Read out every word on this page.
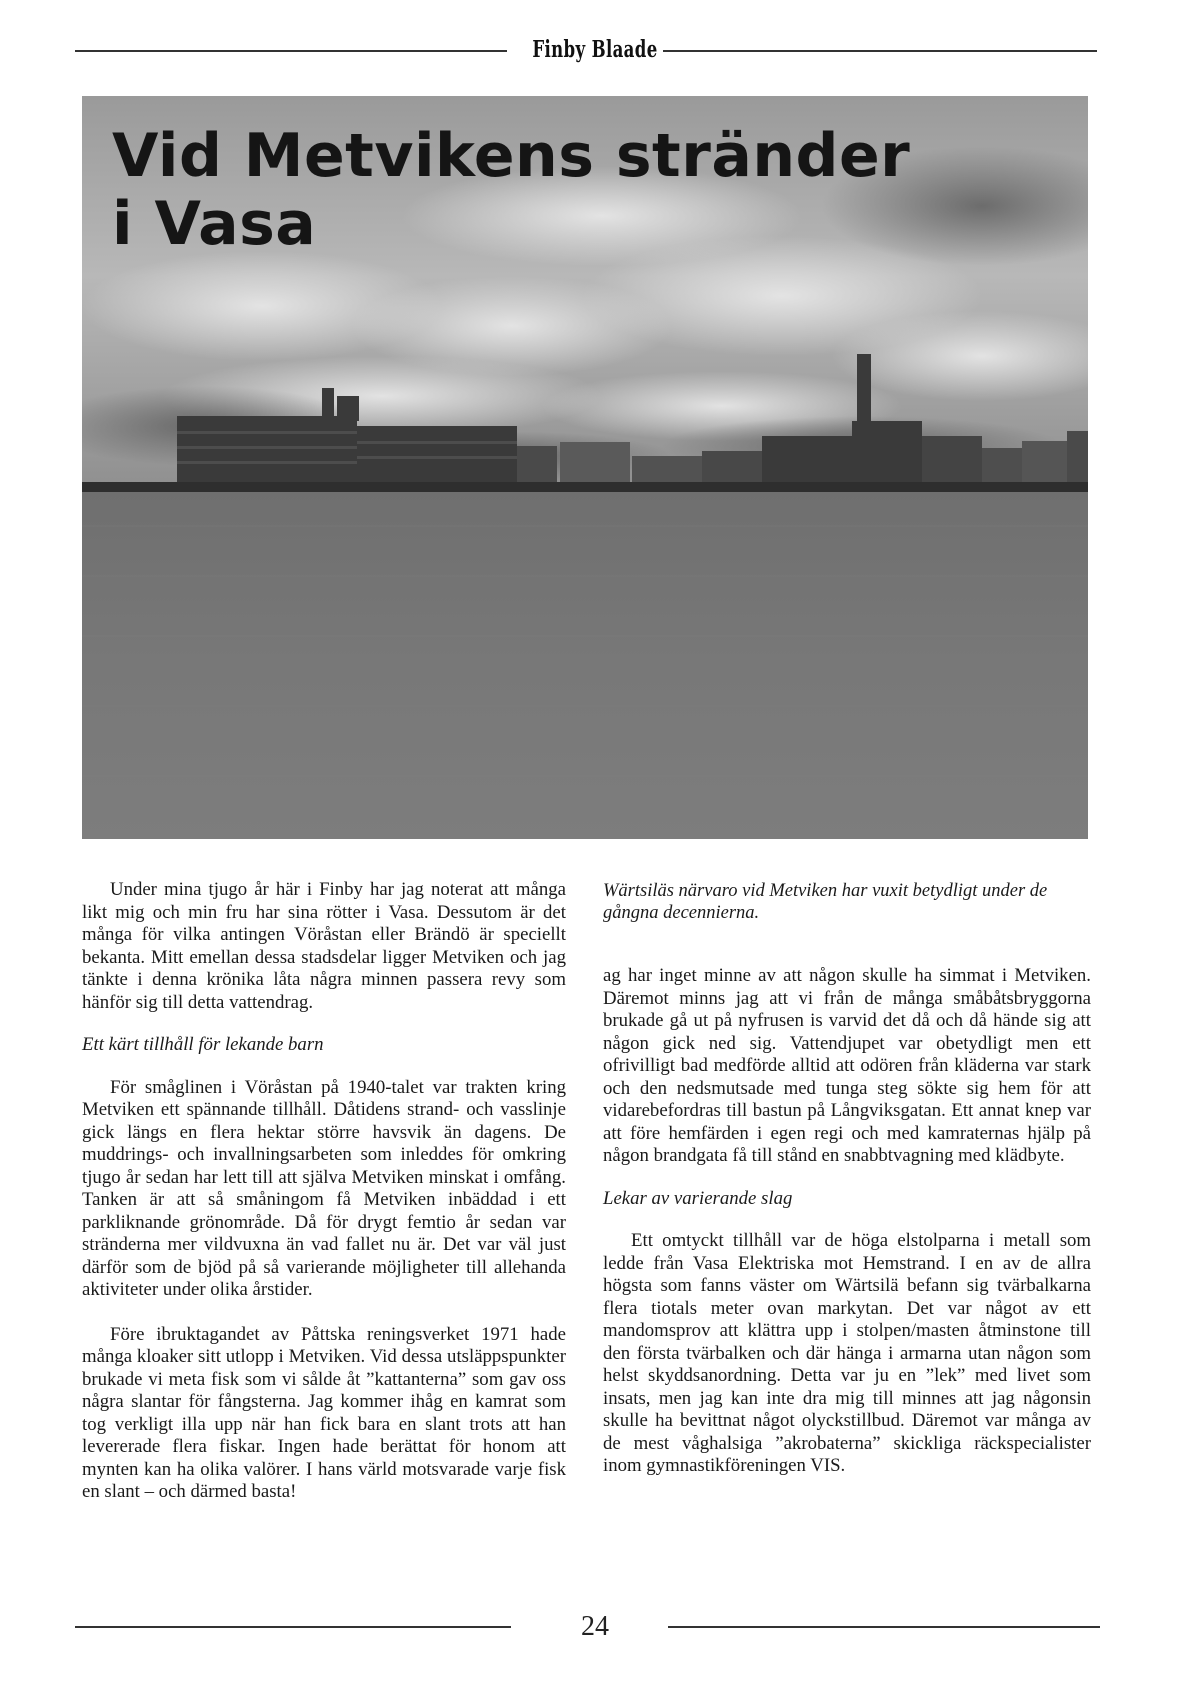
Finby Blaade
Vid Metvikens stränder
i Vasa

Under mina tjugo år här i Finby har jag noterat att många likt mig och min fru har sina rötter i Vasa. Dessutom är det många för vilka antingen Vöråstan eller Brändö är speciellt bekanta. Mitt emellan dessa stadsdelar ligger Metviken och jag tänkte i denna krönika låta några minnen passera revy som hänför sig till detta vattendrag.

Ett kärt tillhåll för lekande barn

För småglinen i Vöråstan på 1940-talet var trakten kring Metviken ett spännande tillhåll. Dåtidens strand- och vasslinje gick längs en flera hektar större havsvik än dagens. De muddrings- och invallningsarbeten som inleddes för omkring tjugo år sedan har lett till att själva Metviken minskat i omfång. Tanken är att så småningom få Metviken inbäddad i ett parkliknande grönområde. Då för drygt femtio år sedan var stränderna mer vildvuxna än vad fallet nu är. Det var väl just därför som de bjöd på så varierande möjligheter till allehanda aktiviteter under olika årstider.

Före ibruktagandet av Påttska reningsverket 1971 hade många kloaker sitt utlopp i Metviken. Vid dessa utsläppspunkter brukade vi meta fisk som vi sålde åt ”kattanterna” som gav oss några slantar för fångsterna. Jag kommer ihåg en kamrat som tog verkligt illa upp när han fick bara en slant trots att han levererade flera fiskar. Ingen hade berättat för honom att mynten kan ha olika valörer. I hans värld motsvarade varje fisk en slant – och därmed basta!

Wärtsiläs närvaro vid Metviken har vuxit betydligt under de gångna decennierna.

ag har inget minne av att någon skulle ha simmat i Metviken. Däremot minns jag att vi från de många småbåtsbryggorna brukade gå ut på nyfrusen is varvid det då och då hände sig att någon gick ned sig. Vattendjupet var obetydligt men ett ofrivilligt bad medförde alltid att odören från kläderna var stark och den nedsmutsade med tunga steg sökte sig hem för att vidarebefordras till bastun på Långviksgatan. Ett annat knep var att före hemfärden i egen regi och med kamraternas hjälp på någon brandgata få till stånd en snabbtvagning med klädbyte.

Lekar av varierande slag

Ett omtyckt tillhåll var de höga elstolparna i metall som ledde från Vasa Elektriska mot Hemstrand. I en av de allra högsta som fanns väster om Wärtsilä befann sig tvärbalkarna flera tiotals meter ovan markytan. Det var något av ett mandomsprov att klättra upp i stolpen/masten åtminstone till den första tvärbalken och där hänga i armarna utan någon som helst skyddsanordning. Detta var ju en ”lek” med livet som insats, men jag kan inte dra mig till minnes att jag någonsin skulle ha bevittnat något olyckstillbud. Däremot var många av de mest våghalsiga ”akrobaterna” skickliga räckspecialister inom gymnastikföreningen VIS.

24
